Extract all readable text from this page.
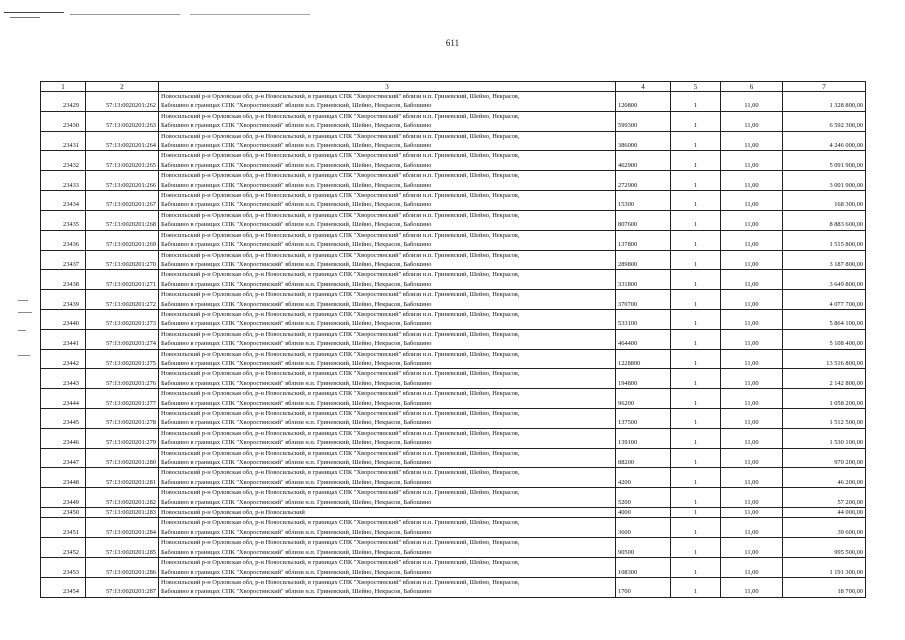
611
1	2	3	4	5	6	7
23429	57:13:0020201:262	Новосильский р-н Орловская обл, р-н Новосильский, в границах СПК "Хворостянский" вблизи н.п. Гриневский, Шейно, Некрасов,
Бабошино в границах СПК "Хворостянский" вблизи н.п. Гриневский, Шейно, Некрасов, Бабошино	120800	1	11,00	1 328 800,00
23430	57:13:0020201:263	Новосильский р-н Орловская обл, р-н Новосильский, в границах СПК "Хворостянский" вблизи н.п. Гриневский, Шейно, Некрасов,
Бабошино в границах СПК "Хворостянский" вблизи н.п. Гриневский, Шейно, Некрасов, Бабошино	599300	1	11,00	6 592 300,00
23431	57:13:0020201:264	Новосильский р-н Орловская обл, р-н Новосильский, в границах СПК "Хворостянский" вблизи н.п. Гриневский, Шейно, Некрасов,
Бабошино в границах СПК "Хворостянский" вблизи н.п. Гриневский, Шейно, Некрасов, Бабошино	386000	1	11,00	4 246 000,00
23432	57:13:0020201:265	Новосильский р-н Орловская обл, р-н Новосильский, в границах СПК "Хворостянский" вблизи н.п. Гриневский, Шейно, Некрасов,
Бабошино в границах СПК "Хворостянский" вблизи н.п. Гриневский, Шейно, Некрасов, Бабошино	462900	1	11,00	5 091 900,00
23433	57:13:0020201:266	Новосильский р-н Орловская обл, р-н Новосильский, в границах СПК "Хворостянский" вблизи н.п. Гриневский, Шейно, Некрасов,
Бабошино в границах СПК "Хворостянский" вблизи н.п. Гриневский, Шейно, Некрасов, Бабошино	272900	1	11,00	3 001 900,00
23434	57:13:0020201:267	Новосильский р-н Орловская обл, р-н Новосильский, в границах СПК "Хворостянский" вблизи н.п. Гриневский, Шейно, Некрасов,
Бабошино в границах СПК "Хворостянский" вблизи н.п. Гриневский, Шейно, Некрасов, Бабошино	15300	1	11,00	168 300,00
23435	57:13:0020201:268	Новосильский р-н Орловская обл, р-н Новосильский, в границах СПК "Хворостянский" вблизи н.п. Гриневский, Шейно, Некрасов,
Бабошино в границах СПК "Хворостянский" вблизи н.п. Гриневский, Шейно, Некрасов, Бабошино	807600	1	11,00	8 883 600,00
23436	57:13:0020201:269	Новосильский р-н Орловская обл, р-н Новосильский, в границах СПК "Хворостянский" вблизи н.п. Гриневский, Шейно, Некрасов,
Бабошино в границах СПК "Хворостянский" вблизи н.п. Гриневский, Шейно, Некрасов, Бабошино	137800	1	11,00	1 515 800,00
23437	57:13:0020201:270	Новосильский р-н Орловская обл, р-н Новосильский, в границах СПК "Хворостянский" вблизи н.п. Гриневский, Шейно, Некрасов,
Бабошино в границах СПК "Хворостянский" вблизи н.п. Гриневский, Шейно, Некрасов, Бабошино	289800	1	11,00	3 187 800,00
23438	57:13:0020201:271	Новосильский р-н Орловская обл, р-н Новосильский, в границах СПК "Хворостянский" вблизи н.п. Гриневский, Шейно, Некрасов,
Бабошино в границах СПК "Хворостянский" вблизи н.п. Гриневский, Шейно, Некрасов, Бабошино	331800	1	11,00	3 649 800,00
23439	57:13:0020201:272	Новосильский р-н Орловская обл, р-н Новосильский, в границах СПК "Хворостянский" вблизи н.п. Гриневский, Шейно, Некрасов,
Бабошино в границах СПК "Хворостянский" вблизи н.п. Гриневский, Шейно, Некрасов, Бабошино	370700	1	11,00	4 077 700,00
23440	57:13:0020201:273	Новосильский р-н Орловская обл, р-н Новосильский, в границах СПК "Хворостянский" вблизи н.п. Гриневский, Шейно, Некрасов,
Бабошино в границах СПК "Хворостянский" вблизи н.п. Гриневский, Шейно, Некрасов, Бабошино	533100	1	11,00	5 864 100,00
23441	57:13:0020201:274	Новосильский р-н Орловская обл, р-н Новосильский, в границах СПК "Хворостянский" вблизи н.п. Гриневский, Шейно, Некрасов,
Бабошино в границах СПК "Хворостянский" вблизи н.п. Гриневский, Шейно, Некрасов, Бабошино	464400	1	11,00	5 108 400,00
23442	57:13:0020201:275	Новосильский р-н Орловская обл, р-н Новосильский, в границах СПК "Хворостянский" вблизи н.п. Гриневский, Шейно, Некрасов,
Бабошино в границах СПК "Хворостянский" вблизи н.п. Гриневский, Шейно, Некрасов, Бабошино	1228800	1	11,00	13 516 800,00
23443	57:13:0020201:276	Новосильский р-н Орловская обл, р-н Новосильский, в границах СПК "Хворостянский" вблизи н.п. Гриневский, Шейно, Некрасов,
Бабошино в границах СПК "Хворостянский" вблизи н.п. Гриневский, Шейно, Некрасов, Бабошино	194800	1	11,00	2 142 800,00
23444	57:13:0020201:277	Новосильский р-н Орловская обл, р-н Новосильский, в границах СПК "Хворостянский" вблизи н.п. Гриневский, Шейно, Некрасов,
Бабошино в границах СПК "Хворостянский" вблизи н.п. Гриневский, Шейно, Некрасов, Бабошино	96200	1	11,00	1 058 200,00
23445	57:13:0020201:278	Новосильский р-н Орловская обл, р-н Новосильский, в границах СПК "Хворостянский" вблизи н.п. Гриневский, Шейно, Некрасов,
Бабошино в границах СПК "Хворостянский" вблизи н.п. Гриневский, Шейно, Некрасов, Бабошино	137500	1	11,00	1 512 500,00
23446	57:13:0020201:279	Новосильский р-н Орловская обл, р-н Новосильский, в границах СПК "Хворостянский" вблизи н.п. Гриневский, Шейно, Некрасов,
Бабошино в границах СПК "Хворостянский" вблизи н.п. Гриневский, Шейно, Некрасов, Бабошино	139100	1	11,00	1 530 100,00
23447	57:13:0020201:280	Новосильский р-н Орловская обл, р-н Новосильский, в границах СПК "Хворостянский" вблизи н.п. Гриневский, Шейно, Некрасов,
Бабошино в границах СПК "Хворостянский" вблизи н.п. Гриневский, Шейно, Некрасов, Бабошино	88200	1	11,00	970 200,00
23448	57:13:0020201:281	Новосильский р-н Орловская обл, р-н Новосильский, в границах СПК "Хворостянский" вблизи н.п. Гриневский, Шейно, Некрасов,
Бабошино в границах СПК "Хворостянский" вблизи н.п. Гриневский, Шейно, Некрасов, Бабошино	4200	1	11,00	46 200,00
23449	57:13:0020201:282	Новосильский р-н Орловская обл, р-н Новосильский, в границах СПК "Хворостянский" вблизи н.п. Гриневский, Шейно, Некрасов,
Бабошино в границах СПК "Хворостянский" вблизи н.п. Гриневский, Шейно, Некрасов, Бабошино	5200	1	11,00	57 200,00
23450	57:13:0020201:283	Новосильский р-н Орловская обл, р-н Новосильский	4000	1	11,00	44 000,00
23451	57:13:0020201:284	Новосильский р-н Орловская обл, р-н Новосильский, в границах СПК "Хворостянский" вблизи н.п. Гриневский, Шейно, Некрасов,
Бабошино в границах СПК "Хворостянский" вблизи н.п. Гриневский, Шейно, Некрасов, Бабошино	3600	1	11,00	39 600,00
23452	57:13:0020201:285	Новосильский р-н Орловская обл, р-н Новосильский, в границах СПК "Хворостянский" вблизи н.п. Гриневский, Шейно, Некрасов,
Бабошино в границах СПК "Хворостянский" вблизи н.п. Гриневский, Шейно, Некрасов, Бабошино	90500	1	11,00	995 500,00
23453	57:13:0020201:286	Новосильский р-н Орловская обл, р-н Новосильский, в границах СПК "Хворостянский" вблизи н.п. Гриневский, Шейно, Некрасов,
Бабошино в границах СПК "Хворостянский" вблизи н.п. Гриневский, Шейно, Некрасов, Бабошино	108300	1	11,00	1 191 300,00
23454	57:13:0020201:287	Новосильский р-н Орловская обл, р-н Новосильский, в границах СПК "Хворостянский" вблизи н.п. Гриневский, Шейно, Некрасов,
Бабошино в границах СПК "Хворостянский" вблизи н.п. Гриневский, Шейно, Некрасов, Бабошино	1700	1	11,00	18 700,00
